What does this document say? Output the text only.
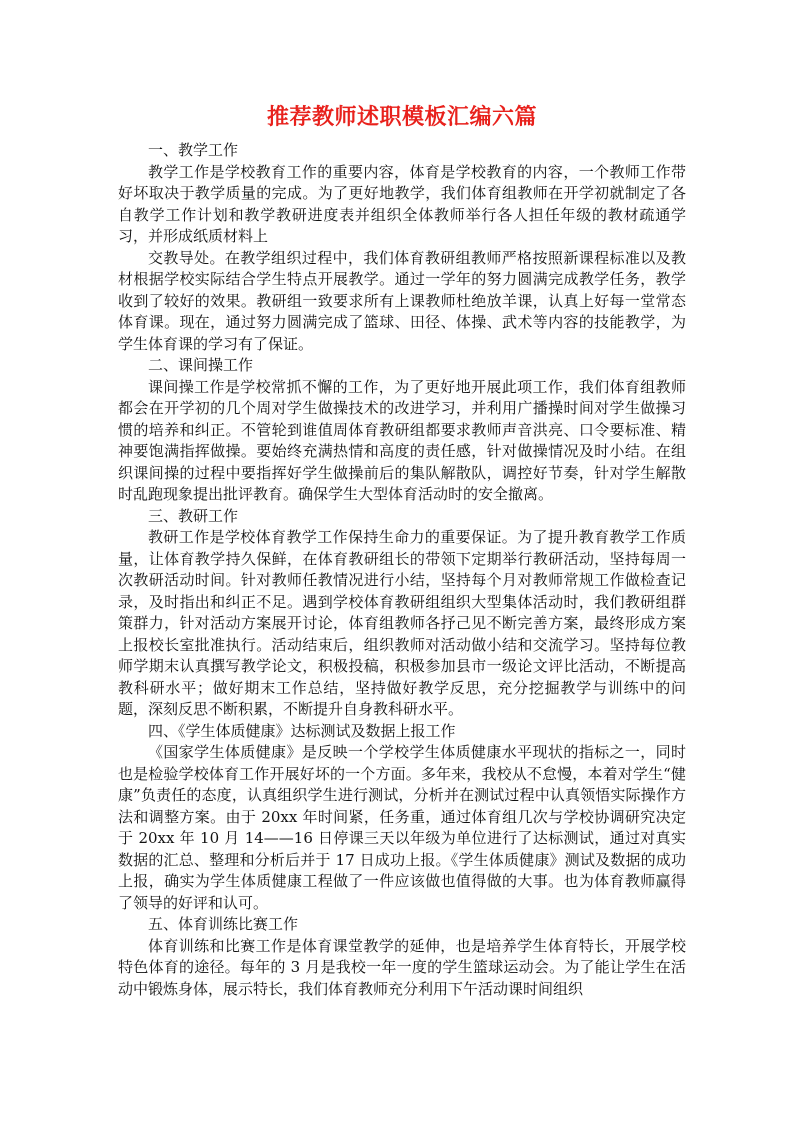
推荐教师述职模板汇编六篇
一、教学工作
教学工作是学校教育工作的重要内容，体育是学校教育的内容，一个教师工作带好坏取决于教学质量的完成。为了更好地教学，我们体育组教师在开学初就制定了各自教学工作计划和教学教研进度表并组织全体教师举行各人担任年级的教材疏通学习，并形成纸质材料上
交教导处。在教学组织过程中，我们体育教研组教师严格按照新课程标准以及教材根据学校实际结合学生特点开展教学。通过一学年的努力圆满完成教学任务，教学收到了较好的效果。教研组一致要求所有上课教师杜绝放羊课，认真上好每一堂常态体育课。现在，通过努力圆满完成了篮球、田径、体操、武术等内容的技能教学，为学生体育课的学习有了保证。
二、课间操工作
课间操工作是学校常抓不懈的工作，为了更好地开展此项工作，我们体育组教师都会在开学初的几个周对学生做操技术的改进学习，并利用广播操时间对学生做操习惯的培养和纠正。不管轮到谁值周体育教研组都要求教师声音洪亮、口令要标准、精神要饱满指挥做操。要始终充满热情和高度的责任感，针对做操情况及时小结。在组织课间操的过程中要指挥好学生做操前后的集队解散队，调控好节奏，针对学生解散时乱跑现象提出批评教育。确保学生大型体育活动时的安全撤离。
三、教研工作
教研工作是学校体育教学工作保持生命力的重要保证。为了提升教育教学工作质量，让体育教学持久保鲜，在体育教研组长的带领下定期举行教研活动，坚持每周一次教研活动时间。针对教师任教情况进行小结，坚持每个月对教师常规工作做检查记录，及时指出和纠正不足。遇到学校体育教研组组织大型集体活动时，我们教研组群策群力，针对活动方案展开讨论，体育组教师各抒己见不断完善方案，最终形成方案上报校长室批准执行。活动结束后，组织教师对活动做小结和交流学习。坚持每位教师学期末认真撰写教学论文，积极投稿，积极参加县市一级论文评比活动，不断提高教科研水平；做好期末工作总结，坚持做好教学反思，充分挖掘教学与训练中的问题，深刻反思不断积累，不断提升自身教科研水平。
四、《学生体质健康》达标测试及数据上报工作
《国家学生体质健康》是反映一个学校学生体质健康水平现状的指标之一，同时也是检验学校体育工作开展好坏的一个方面。多年来，我校从不怠慢，本着对学生“健康”负责任的态度，认真组织学生进行测试，分析并在测试过程中认真领悟实际操作方法和调整方案。由于 20xx 年时间紧，任务重，通过体育组几次与学校协调研究决定于 20xx 年 10 月 14——16 日停课三天以年级为单位进行了达标测试，通过对真实数据的汇总、整理和分析后并于 17 日成功上报。《学生体质健康》测试及数据的成功上报，确实为学生体质健康工程做了一件应该做也值得做的大事。也为体育教师赢得了领导的好评和认可。
五、体育训练比赛工作
体育训练和比赛工作是体育课堂教学的延伸，也是培养学生体育特长，开展学校特色体育的途径。每年的 3 月是我校一年一度的学生篮球运动会。为了能让学生在活动中锻炼身体，展示特长，我们体育教师充分利用下午活动课时间组织
